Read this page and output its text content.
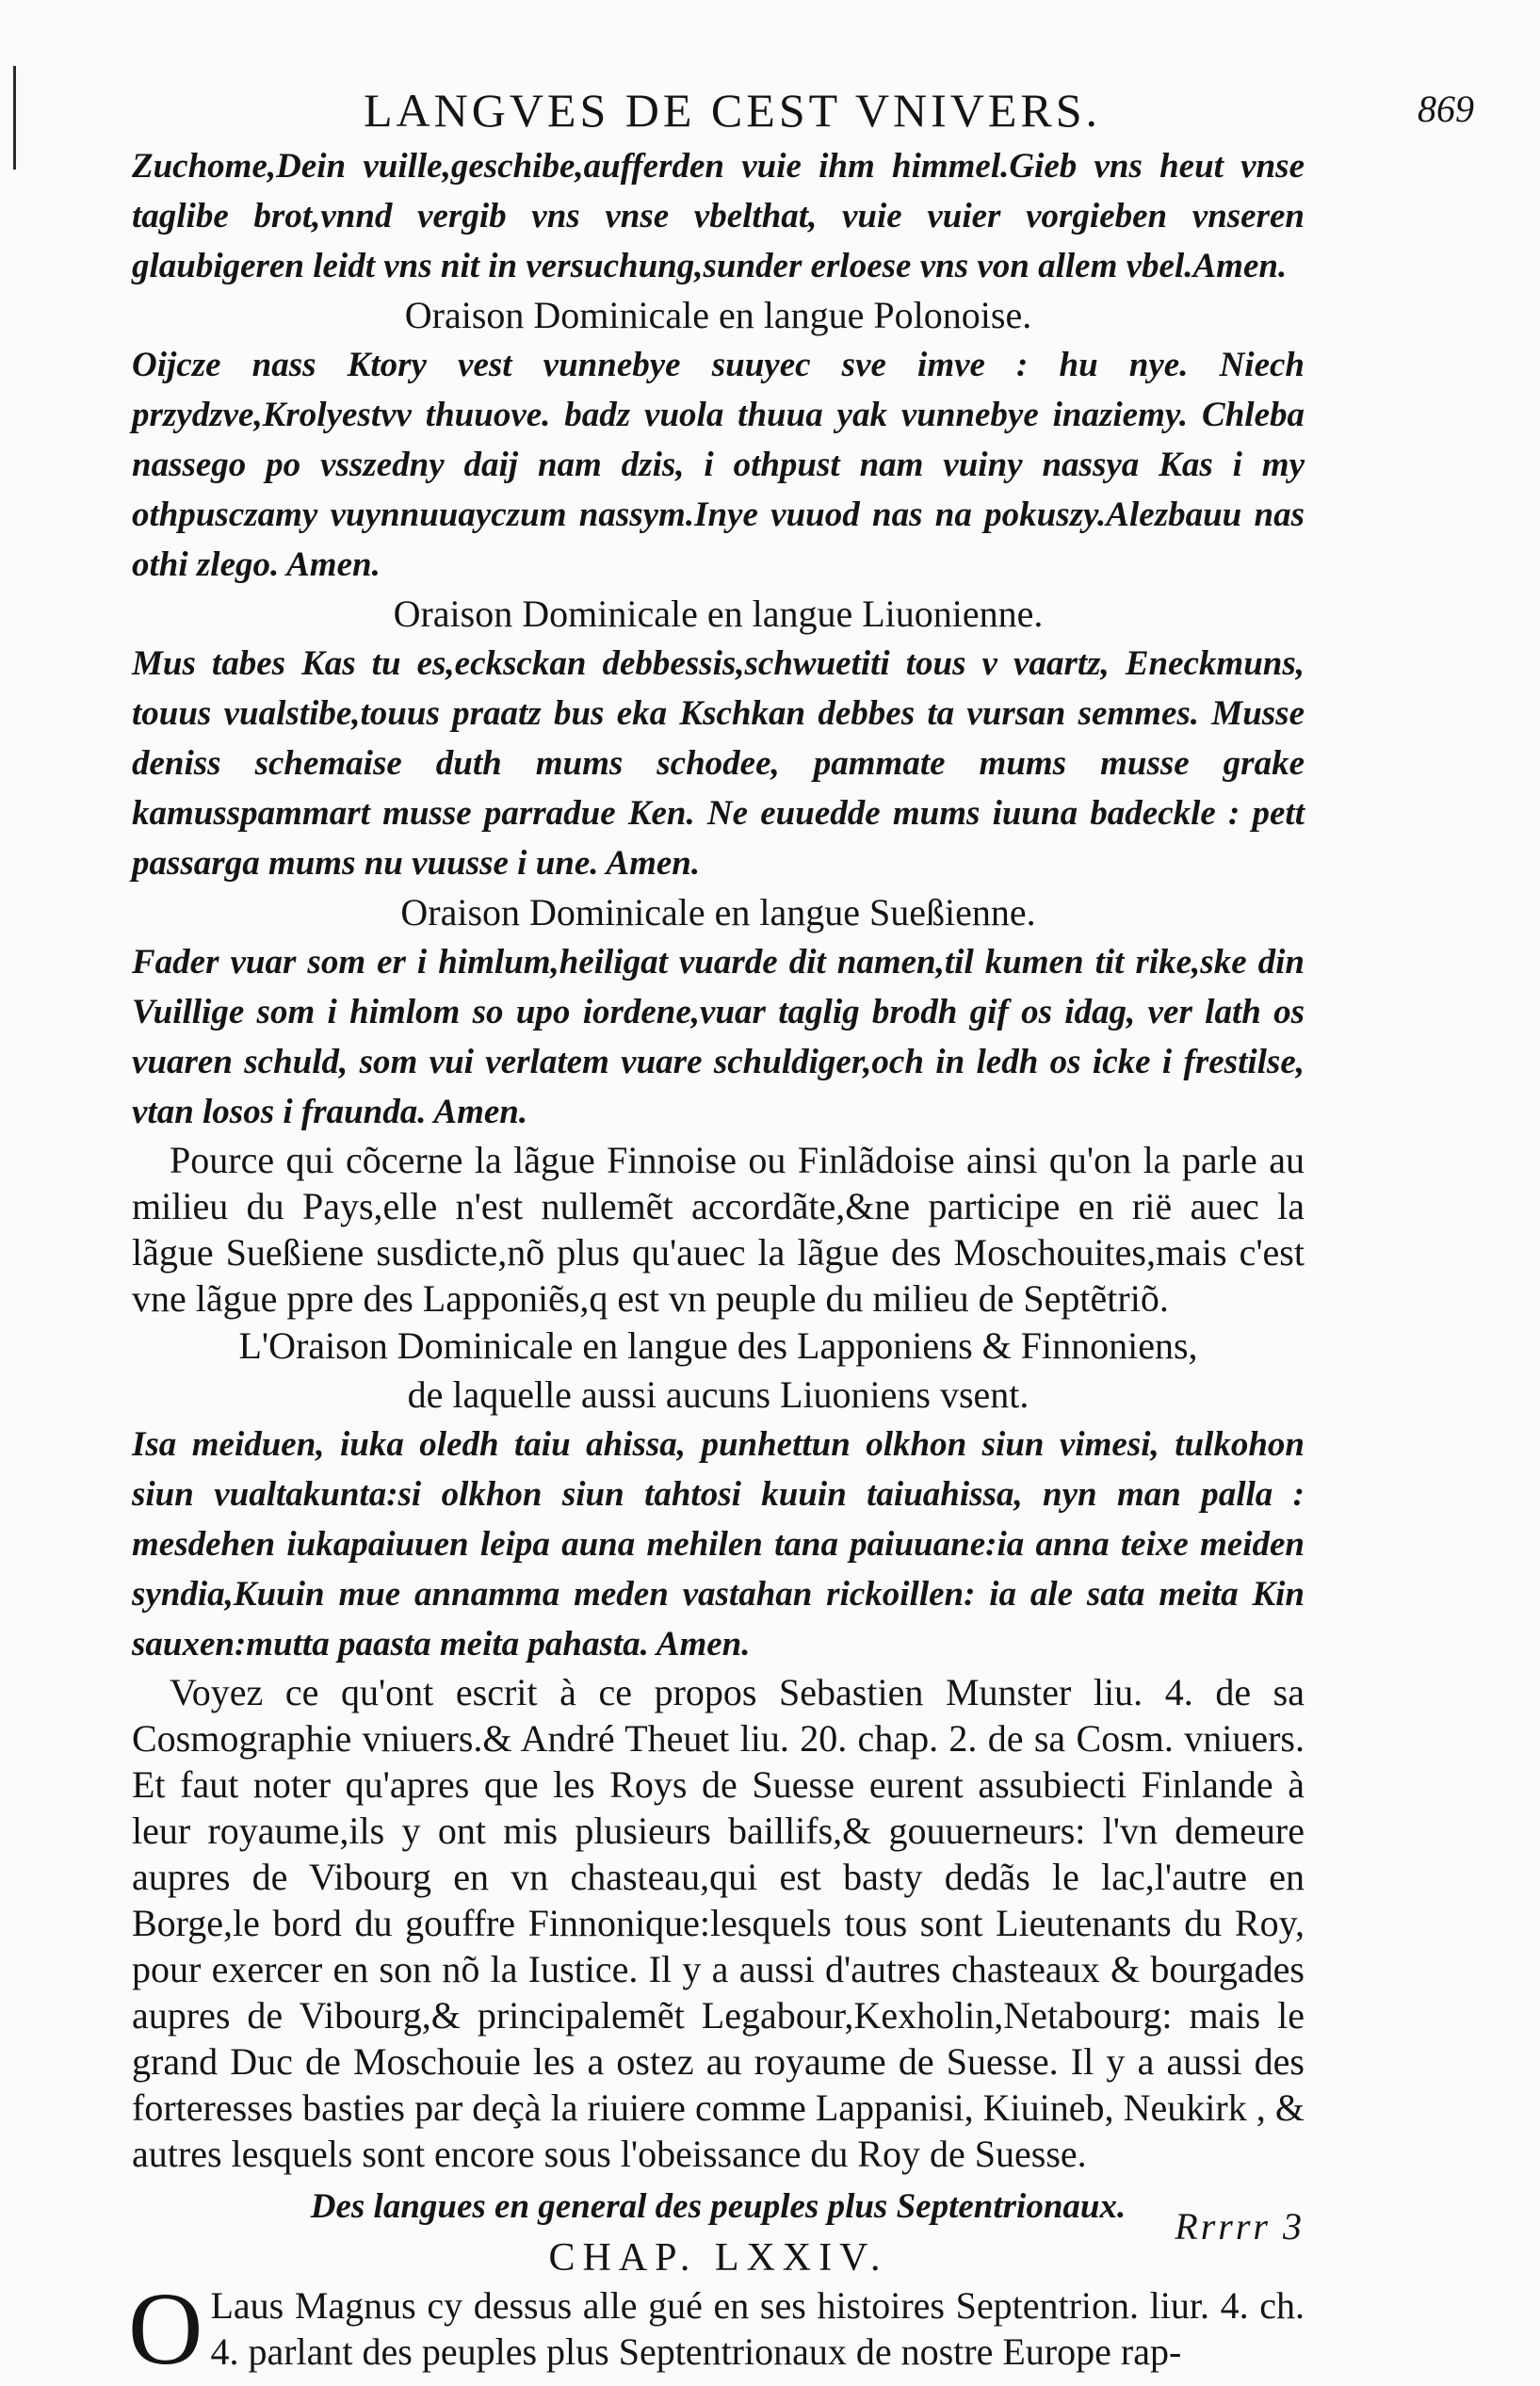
LANGVES DE CEST VNIVERS.	869

Zuchome,Dein vuille,geschibe,aufferden vuie ihm himmel.Gieb vns heut vnse taglibe brot,vnnd vergib vns vnse vbelthat, vuie vuier vorgieben vnseren glaubigeren leidt vns nit in versuchung,sunder erloese vns von allem vbel.Amen.

Oraison Dominicale en langue Polonoise.

Oijcze nass Ktory vest vunnebye suuyec sve imve : hu nye. Niech przydzve,Krolyestvv thuuove. badz vuola thuua yak vunnebye inaziemy. Chleba nassego po vsszedny daij nam dzis, i othpust nam vuiny nassya Kas i my othpusczamy vuynnuuayczum nassym.Inye vuuod nas na pokuszy.Alezbauu nas othi zlego. Amen.

Oraison Dominicale en langue Liuonienne.

Mus tabes Kas tu es,ecksckan debbessis,schwuetiti tous v vaartz, Eneckmuns, touus vualstibe,touus praatz bus eka Kschkan debbes ta vursan semmes. Musse deniss schemaise duth mums schodee, pammate mums musse grake kamusspammart musse parradue Ken. Ne euuedde mums iuuna badeckle : pett passarga mums nu vuusse i une. Amen.

Oraison Dominicale en langue Sueßienne.

Fader vuar som er i himlum,heiligat vuarde dit namen,til kumen tit rike,ske din Vuillige som i himlom so upo iordene,vuar taglig brodh gif os idag, ver lath os vuaren schuld, som vui verlatem vuare schuldiger,och in ledh os icke i frestilse, vtan losos i fraunda. Amen.

Pource qui cõcerne la lãgue Finnoise ou Finlãdoise ainsi qu'on la parle au milieu du Pays,elle n'est nullemẽt accordãte,&ne participe en rië auec la lãgue Sueßiene susdicte,nõ plus qu'auec la lãgue des Moschouites,mais c'est vne lãgue ppre des Lapponiẽs,q est vn peuple du milieu de Septẽtriõ.

L'Oraison Dominicale en langue des Lapponiens & Finnoniens,

de laquelle aussi aucuns Liuoniens vsent.

Isa meiduen, iuka oledh taiu ahissa, punhettun olkhon siun vimesi, tulkohon siun vualtakunta:si olkhon siun tahtosi kuuin taiuahissa, nyn man palla : mesdehen iukapaiuuen leipa auna mehilen tana paiuuane:ia anna teixe meiden syndia,Kuuin mue annamma meden vastahan rickoillen: ia ale sata meita Kin sauxen:mutta paasta meita pahasta. Amen.

Voyez ce qu'ont escrit à ce propos Sebastien Munster liu. 4. de sa Cosmographie vniuers.& André Theuet liu. 20. chap. 2. de sa Cosm. vniuers. Et faut noter qu'apres que les Roys de Suesse eurent assubiecti Finlande à leur royaume,ils y ont mis plusieurs baillifs,& gouuerneurs: l'vn demeure aupres de Vibourg en vn chasteau,qui est basty dedãs le lac,l'autre en Borge,le bord du gouffre Finnonique:lesquels tous sont Lieutenants du Roy, pour exercer en son nõ la Iustice. Il y a aussi d'autres chasteaux & bourgades aupres de Vibourg,& principalemẽt Legabour,Kexholin,Netabourg: mais le grand Duc de Moschouie les a ostez au royaume de Suesse. Il y a aussi des forteresses basties par deçà la riuiere comme Lappanisi, Kiuineb, Neukirk , & autres lesquels sont encore sous l'obeissance du Roy de Suesse.

Des langues en general des peuples plus Septentrionaux.

CHAP. LXXIV.

O Laus Magnus cy dessus alle gué en ses histoires Septentrion. liur. 4. ch. 4. parlant des peuples plus Septentrionaux de nostre Europe rap-

Rrrrr 3
